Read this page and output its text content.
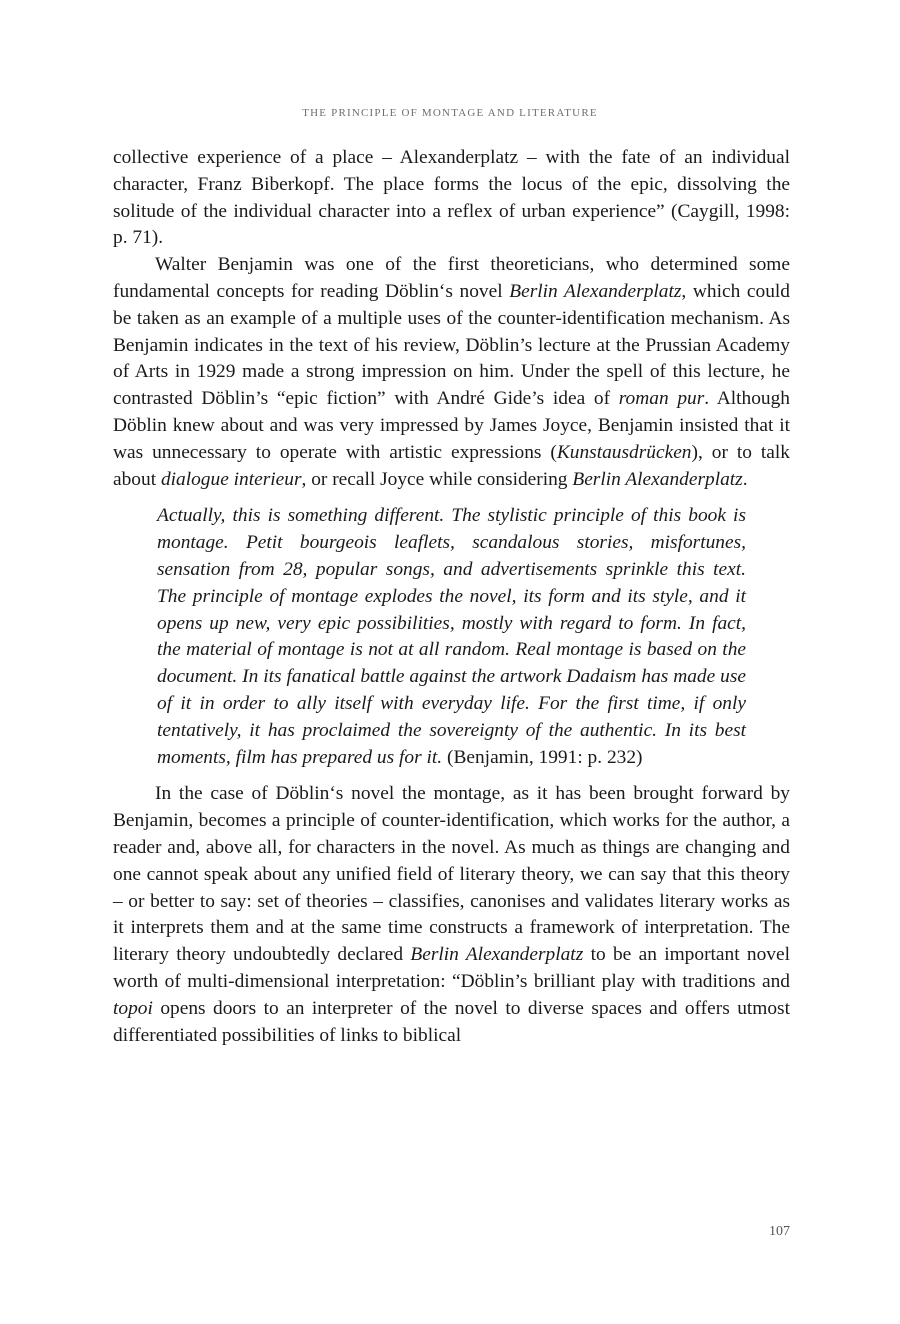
THE PRINCIPLE OF MONTAGE AND LITERATURE

collective experience of a place – Alexanderplatz – with the fate of an individual character, Franz Biberkopf. The place forms the locus of the epic, dissolving the solitude of the individual character into a reflex of urban experience” (Caygill, 1998: p. 71).

Walter Benjamin was one of the first theoreticians, who determined some fundamental concepts for reading Döblin‘s novel Berlin Alexanderplatz, which could be taken as an example of a multiple uses of the counter-identification mechanism. As Benjamin indicates in the text of his review, Döblin’s lecture at the Prussian Academy of Arts in 1929 made a strong impression on him. Under the spell of this lecture, he contrasted Döblin’s “epic fiction” with André Gide’s idea of roman pur. Although Döblin knew about and was very impressed by James Joyce, Benjamin insisted that it was unnecessary to operate with artistic expressions (Kunstausdrücken), or to talk about dialogue interieur, or recall Joyce while considering Berlin Alexanderplatz.

Actually, this is something different. The stylistic principle of this book is montage. Petit bourgeois leaflets, scandalous stories, misfortunes, sensation from 28, popular songs, and advertisements sprinkle this text. The principle of montage explodes the novel, its form and its style, and it opens up new, very epic possibilities, mostly with regard to form. In fact, the material of montage is not at all random. Real montage is based on the document. In its fanatical battle against the artwork Dadaism has made use of it in order to ally itself with everyday life. For the first time, if only tentatively, it has proclaimed the sovereignty of the authentic. In its best moments, film has prepared us for it. (Benjamin, 1991: p. 232)

In the case of Döblin‘s novel the montage, as it has been brought forward by Benjamin, becomes a principle of counter-identification, which works for the author, a reader and, above all, for characters in the novel. As much as things are changing and one cannot speak about any unified field of literary theory, we can say that this theory – or better to say: set of theories – classifies, canonises and validates literary works as it interprets them and at the same time constructs a framework of interpretation. The literary theory undoubtedly declared Berlin Alexanderplatz to be an important novel worth of multi-dimensional interpretation: “Döblin’s brilliant play with traditions and topoi opens doors to an interpreter of the novel to diverse spaces and offers utmost differentiated possibilities of links to biblical

107
